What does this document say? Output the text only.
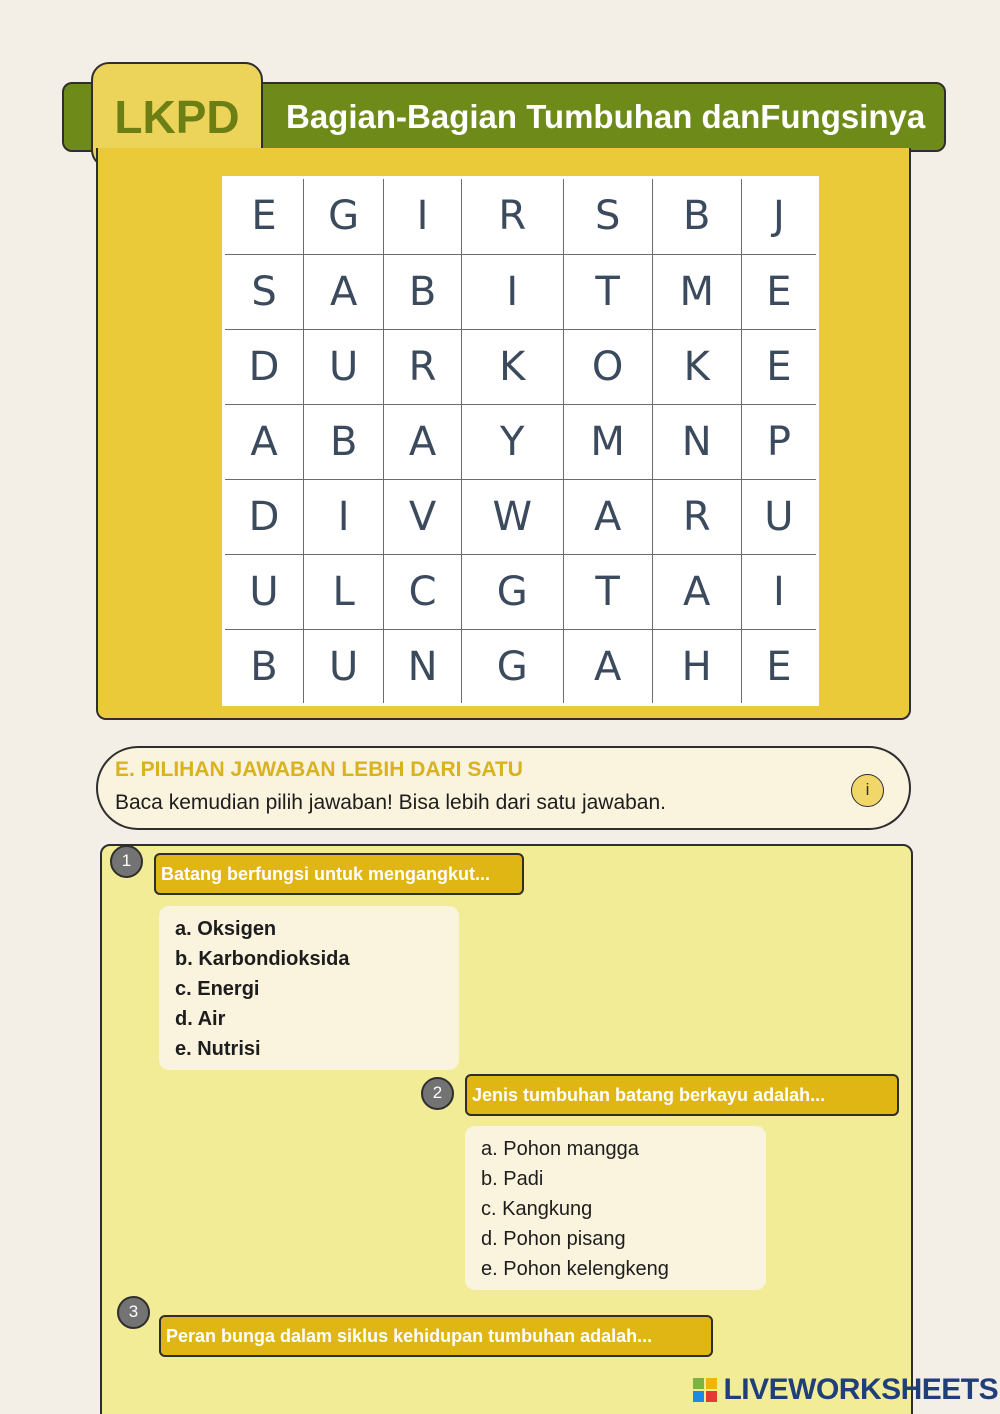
Bagian-Bagian Tumbuhan danFungsinya
LKPD
E	G	I	R	S	B	J
S	A	B	I	T	M	E
D	U	R	K	O	K	E
A	B	A	Y	M	N	P
D	I	V	W	A	R	U
U	L	C	G	T	A	I
B	U	N	G	A	H	E
E. PILIHAN JAWABAN LEBIH DARI SATU
Baca kemudian pilih jawaban! Bisa lebih dari satu jawaban.
i
1
Batang berfungsi untuk mengangkut...
a. Oksigen
b. Karbondioksida
c. Energi
d. Air
e. Nutrisi
2	Jenis tumbuhan batang berkayu adalah...
a. Pohon mangga
b. Padi
c. Kangkung
d. Pohon pisang
e. Pohon kelengkeng
3
Peran bunga dalam siklus kehidupan tumbuhan adalah...
LIVEWORKSHEETS
